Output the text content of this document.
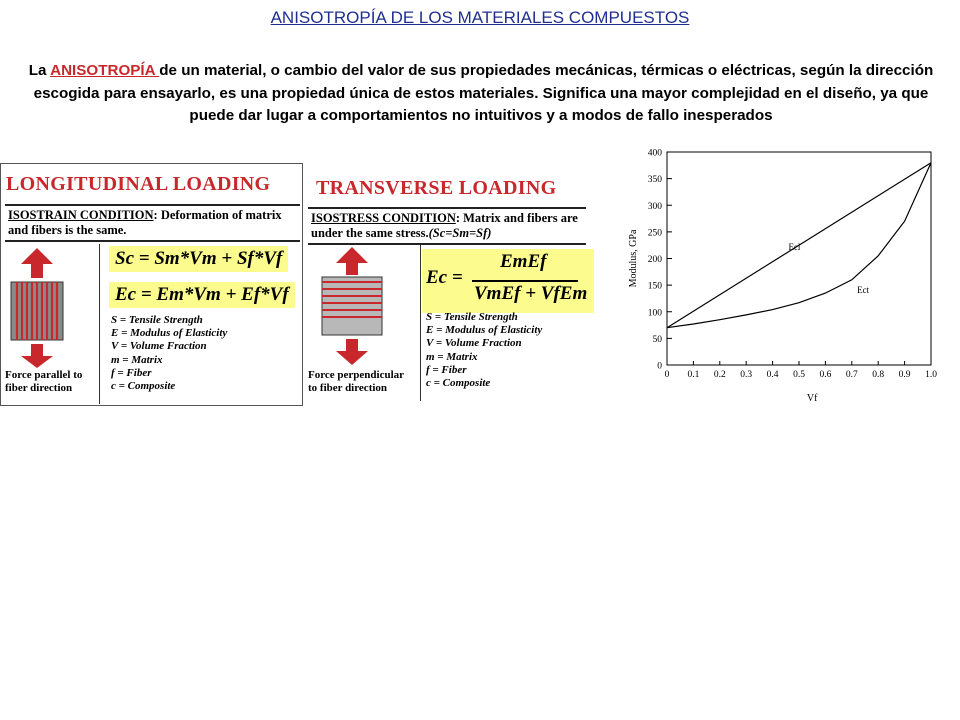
ANISOTROPÍA DE LOS MATERIALES COMPUESTOS
La ANISOTROPÍA de un material, o cambio del valor de sus propiedades mecánicas, térmicas o eléctricas, según la dirección escogida para ensayarlo, es una propiedad única de estos materiales. Significa una mayor complejidad en el diseño, ya que puede dar lugar a comportamientos no intuitivos y a modos de fallo inesperados
LONGITUDINAL LOADING
ISOSTRAIN CONDITION: Deformation of matrix and fibers is the same.
Force parallel to
fiber direction
Sc = Sm*Vm + Sf*Vf
Ec = Em*Vm + Ef*Vf
S = Tensile Strength
E = Modulus of Elasticity
V = Volume Fraction
m = Matrix
f = Fiber
c = Composite
TRANSVERSE LOADING
ISOSTRESS CONDITION: Matrix and fibers are under the same stress.(Sc=Sm=Sf)
Force perpendicular
to fiber direction
Ec =
EmEf
VmEf + VfEm
S = Tensile Strength
E = Modulus of Elasticity
V = Volume Fraction
m = Matrix
f = Fiber
c = Composite
0
50
100
150
200
250
300
350
400
0 0.1 0.2 0.3 0.4 0.5 0.6 0.7 0.8 0.9 1.0
Ecl
Ect
Vf
Modulus, GPa
